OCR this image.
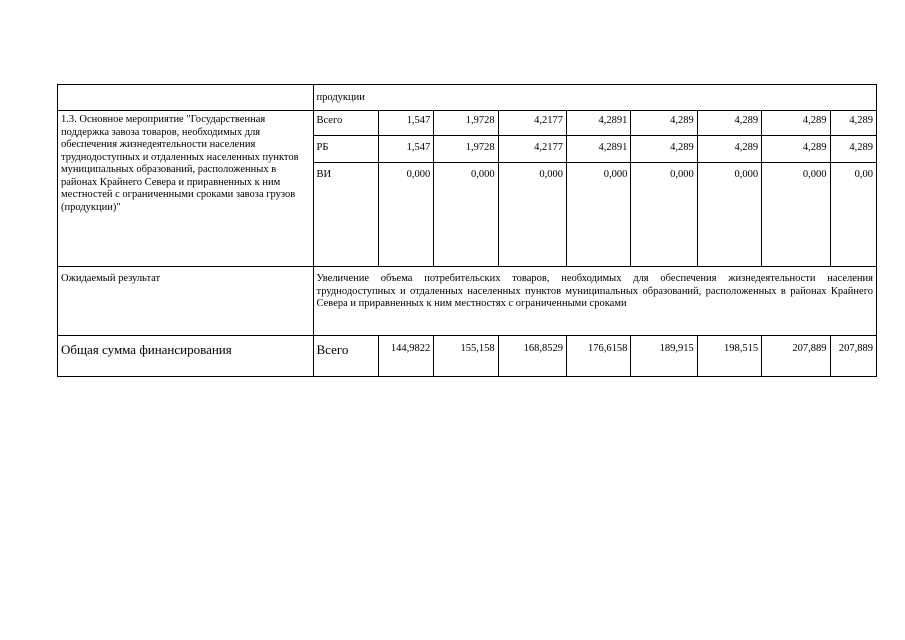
	продукции								
1.3. Основное мероприятие "Государственная поддержка завоза товаров, необходимых для обеспечения жизнедеятельности населения труднодоступных и отдаленных населенных пунктов муниципальных образований, расположенных в районах Крайнего Севера и приравненных к ним местностей с ограниченными сроками завоза грузов (продукции)"	Всего	1,547	1,9728	4,2177	4,2891	4,289	4,289	4,289	4,289
	РБ	1,547	1,9728	4,2177	4,2891	4,289	4,289	4,289	4,289
	ВИ	0,000	0,000	0,000	0,000	0,000	0,000	0,000	0,00
Ожидаемый результат	Увеличение объема потребительских товаров, необходимых для обеспечения жизнедеятельности населения труднодоступных и отдаленных населенных пунктов муниципальных образований, расположенных в районах Крайнего Севера и приравненных к ним местностях с ограниченными сроками								
Общая сумма финансирования	Всего	144,9822	155,158	168,8529	176,6158	189,915	198,515	207,889	207,889
